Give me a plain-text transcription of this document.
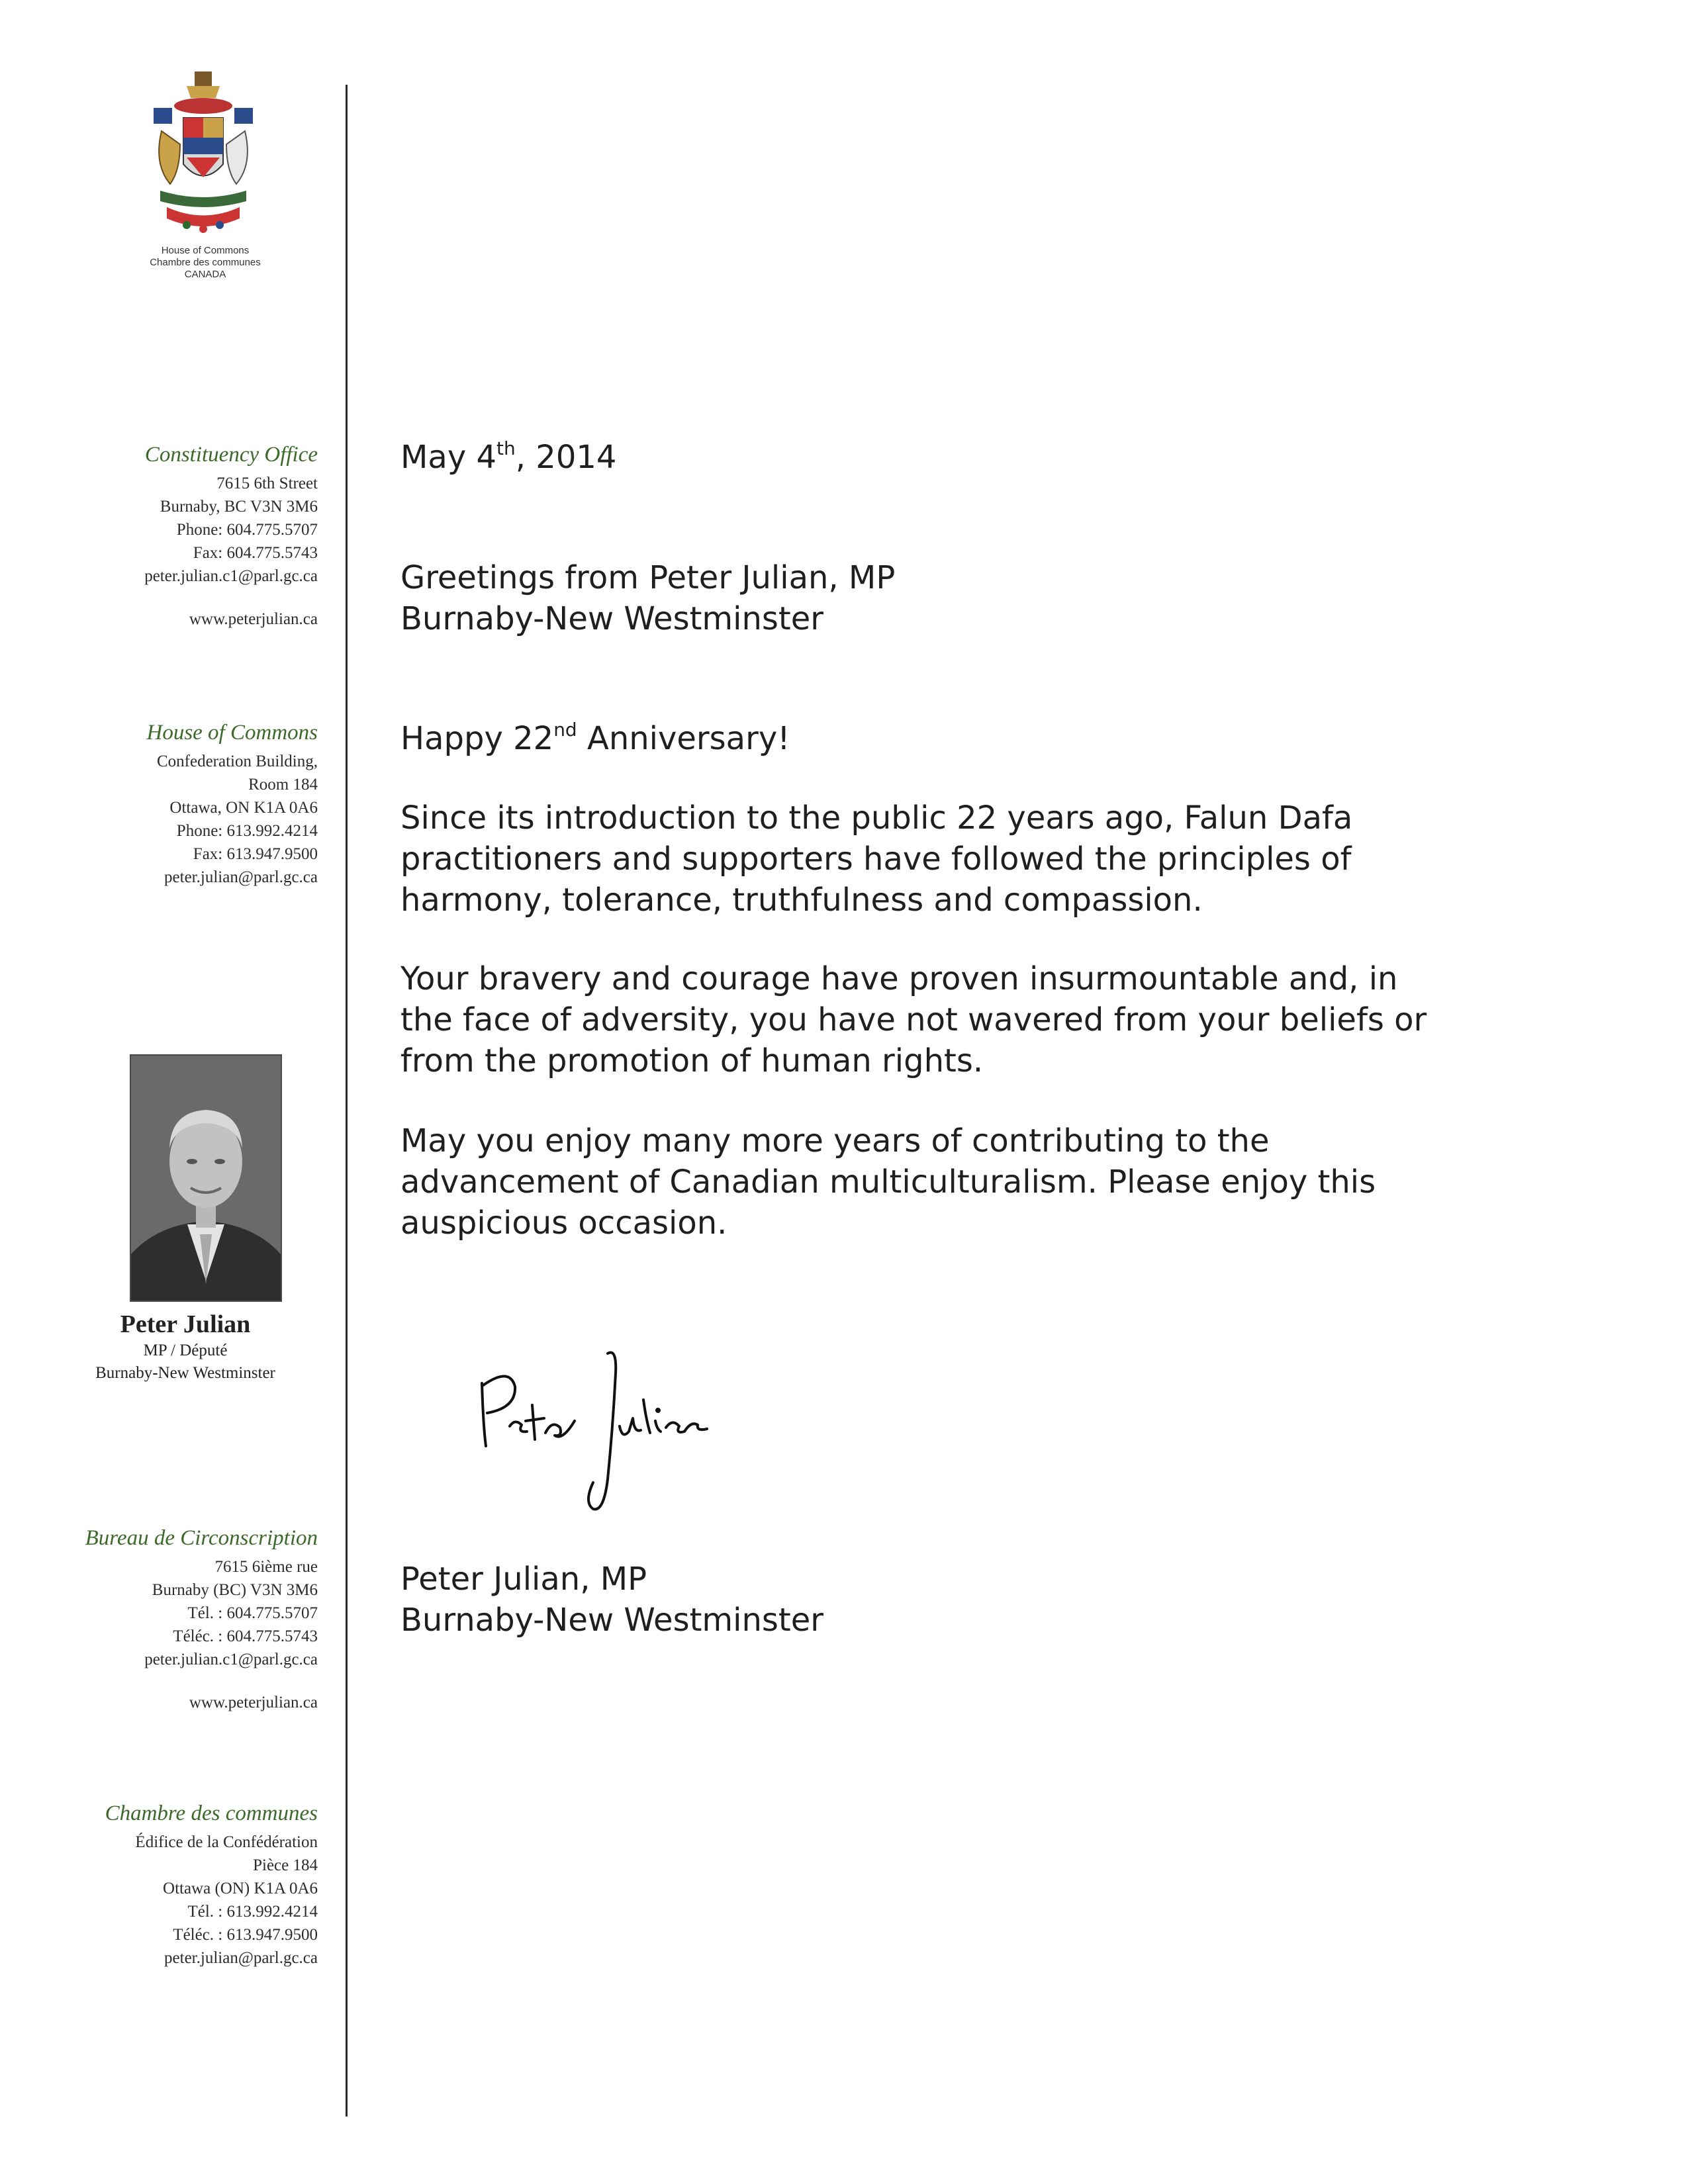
House of Commons
Chambre des communes
CANADA
Constituency Office
7615 6th Street
Burnaby, BC V3N 3M6
Phone: 604.775.5707
Fax: 604.775.5743
peter.julian.c1@parl.gc.ca
www.peterjulian.ca
House of Commons
Confederation Building,
Room 184
Ottawa, ON K1A 0A6
Phone: 613.992.4214
Fax: 613.947.9500
peter.julian@parl.gc.ca
Peter Julian
MP / Député
Burnaby-New Westminster
Bureau de Circonscription
7615 6ième rue
Burnaby (BC) V3N 3M6
Tél. : 604.775.5707
Téléc. : 604.775.5743
peter.julian.c1@parl.gc.ca
www.peterjulian.ca
Chambre des communes
Édifice de la Confédération
Pièce 184
Ottawa (ON) K1A 0A6
Tél. : 613.992.4214
Téléc. : 613.947.9500
peter.julian@parl.gc.ca

May 4th, 2014

Greetings from Peter Julian, MP

Burnaby-New Westminster

Happy 22nd Anniversary!

Since its introduction to the public 22 years ago, Falun Dafa

practitioners and supporters have followed the principles of

harmony, tolerance, truthfulness and compassion.

Your bravery and courage have proven insurmountable and, in

the face of adversity, you have not wavered from your beliefs or

from the promotion of human rights.

May you enjoy many more years of contributing to the

advancement of Canadian multiculturalism. Please enjoy this

auspicious occasion.

Peter Julian, MP

Burnaby-New Westminster
